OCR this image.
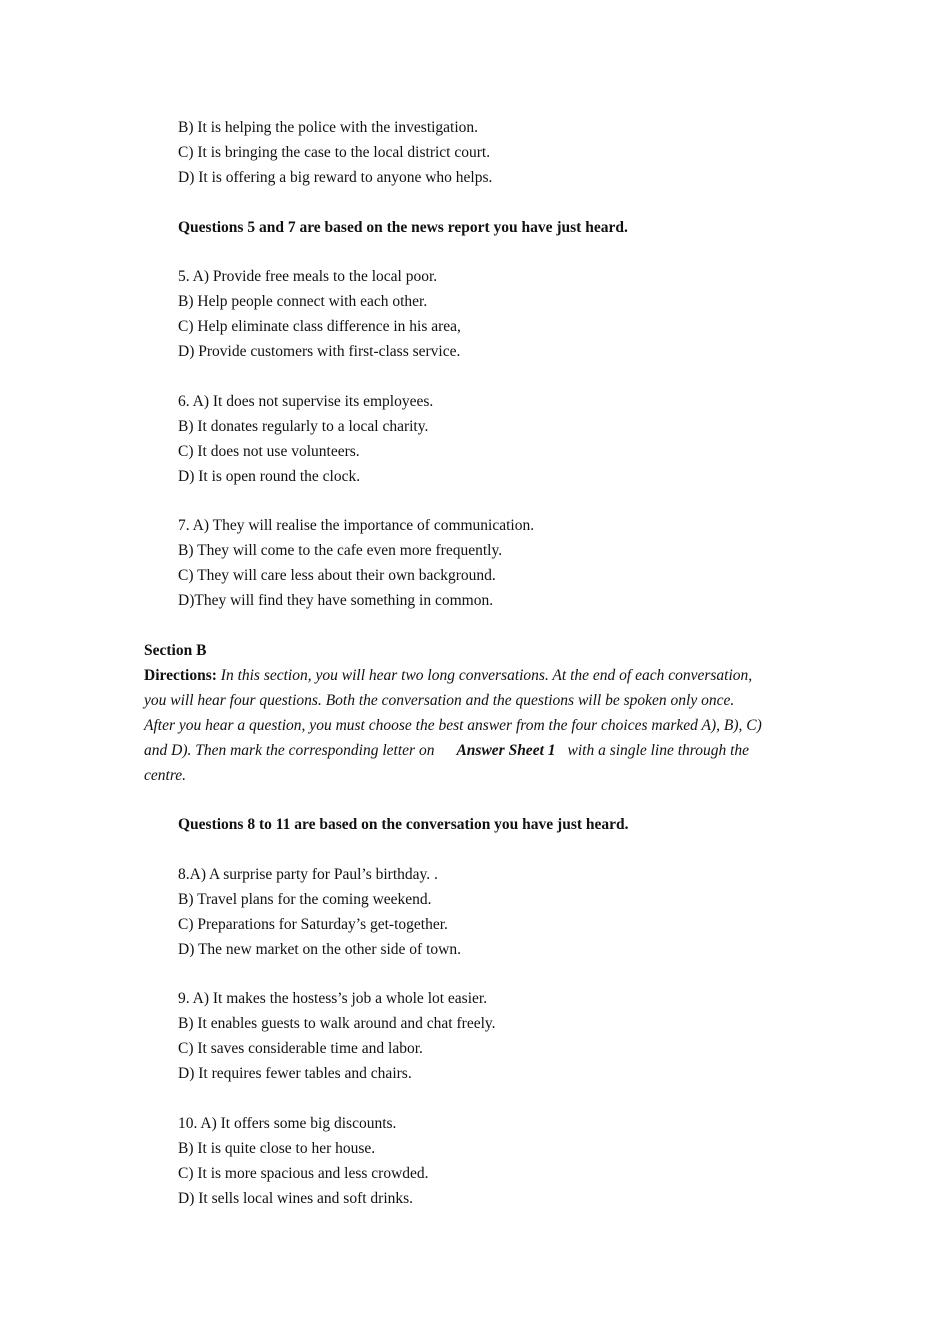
B) It is helping the police with the investigation.
C) It is bringing the case to the local district court.
D) It is offering a big reward to anyone who helps.
Questions 5 and 7 are based on the news report you have just heard.
5. A) Provide free meals to the local poor.
B) Help people connect with each other.
C) Help eliminate class difference in his area,
D) Provide customers with first-class service.
6. A) It does not supervise its employees.
B) It donates regularly to a local charity.
C) It does not use volunteers.
D) It is open round the clock.
7. A) They will realise the importance of communication.
B) They will come to the cafe even more frequently.
C) They will care less about their own background.
D)They will find they have something in common.
Section B
Directions: In this section, you will hear two long conversations. At the end of each conversation,
you will hear four questions. Both the conversation and the questions will be spoken only once.
After you hear a question, you must choose the best answer from the four choices marked A), B), C)
and D). Then mark the corresponding letter on Answer Sheet 1 with a single line through the
centre.
Questions 8 to 11 are based on the conversation you have just heard.
8.A) A surprise party for Paul’s birthday. .
B) Travel plans for the coming weekend.
C) Preparations for Saturday’s get-together.
D) The new market on the other side of town.
9. A) It makes the hostess’s job a whole lot easier.
B) It enables guests to walk around and chat freely.
C) It saves considerable time and labor.
D) It requires fewer tables and chairs.
10. A) It offers some big discounts.
B) It is quite close to her house.
C) It is more spacious and less crowded.
D) It sells local wines and soft drinks.
